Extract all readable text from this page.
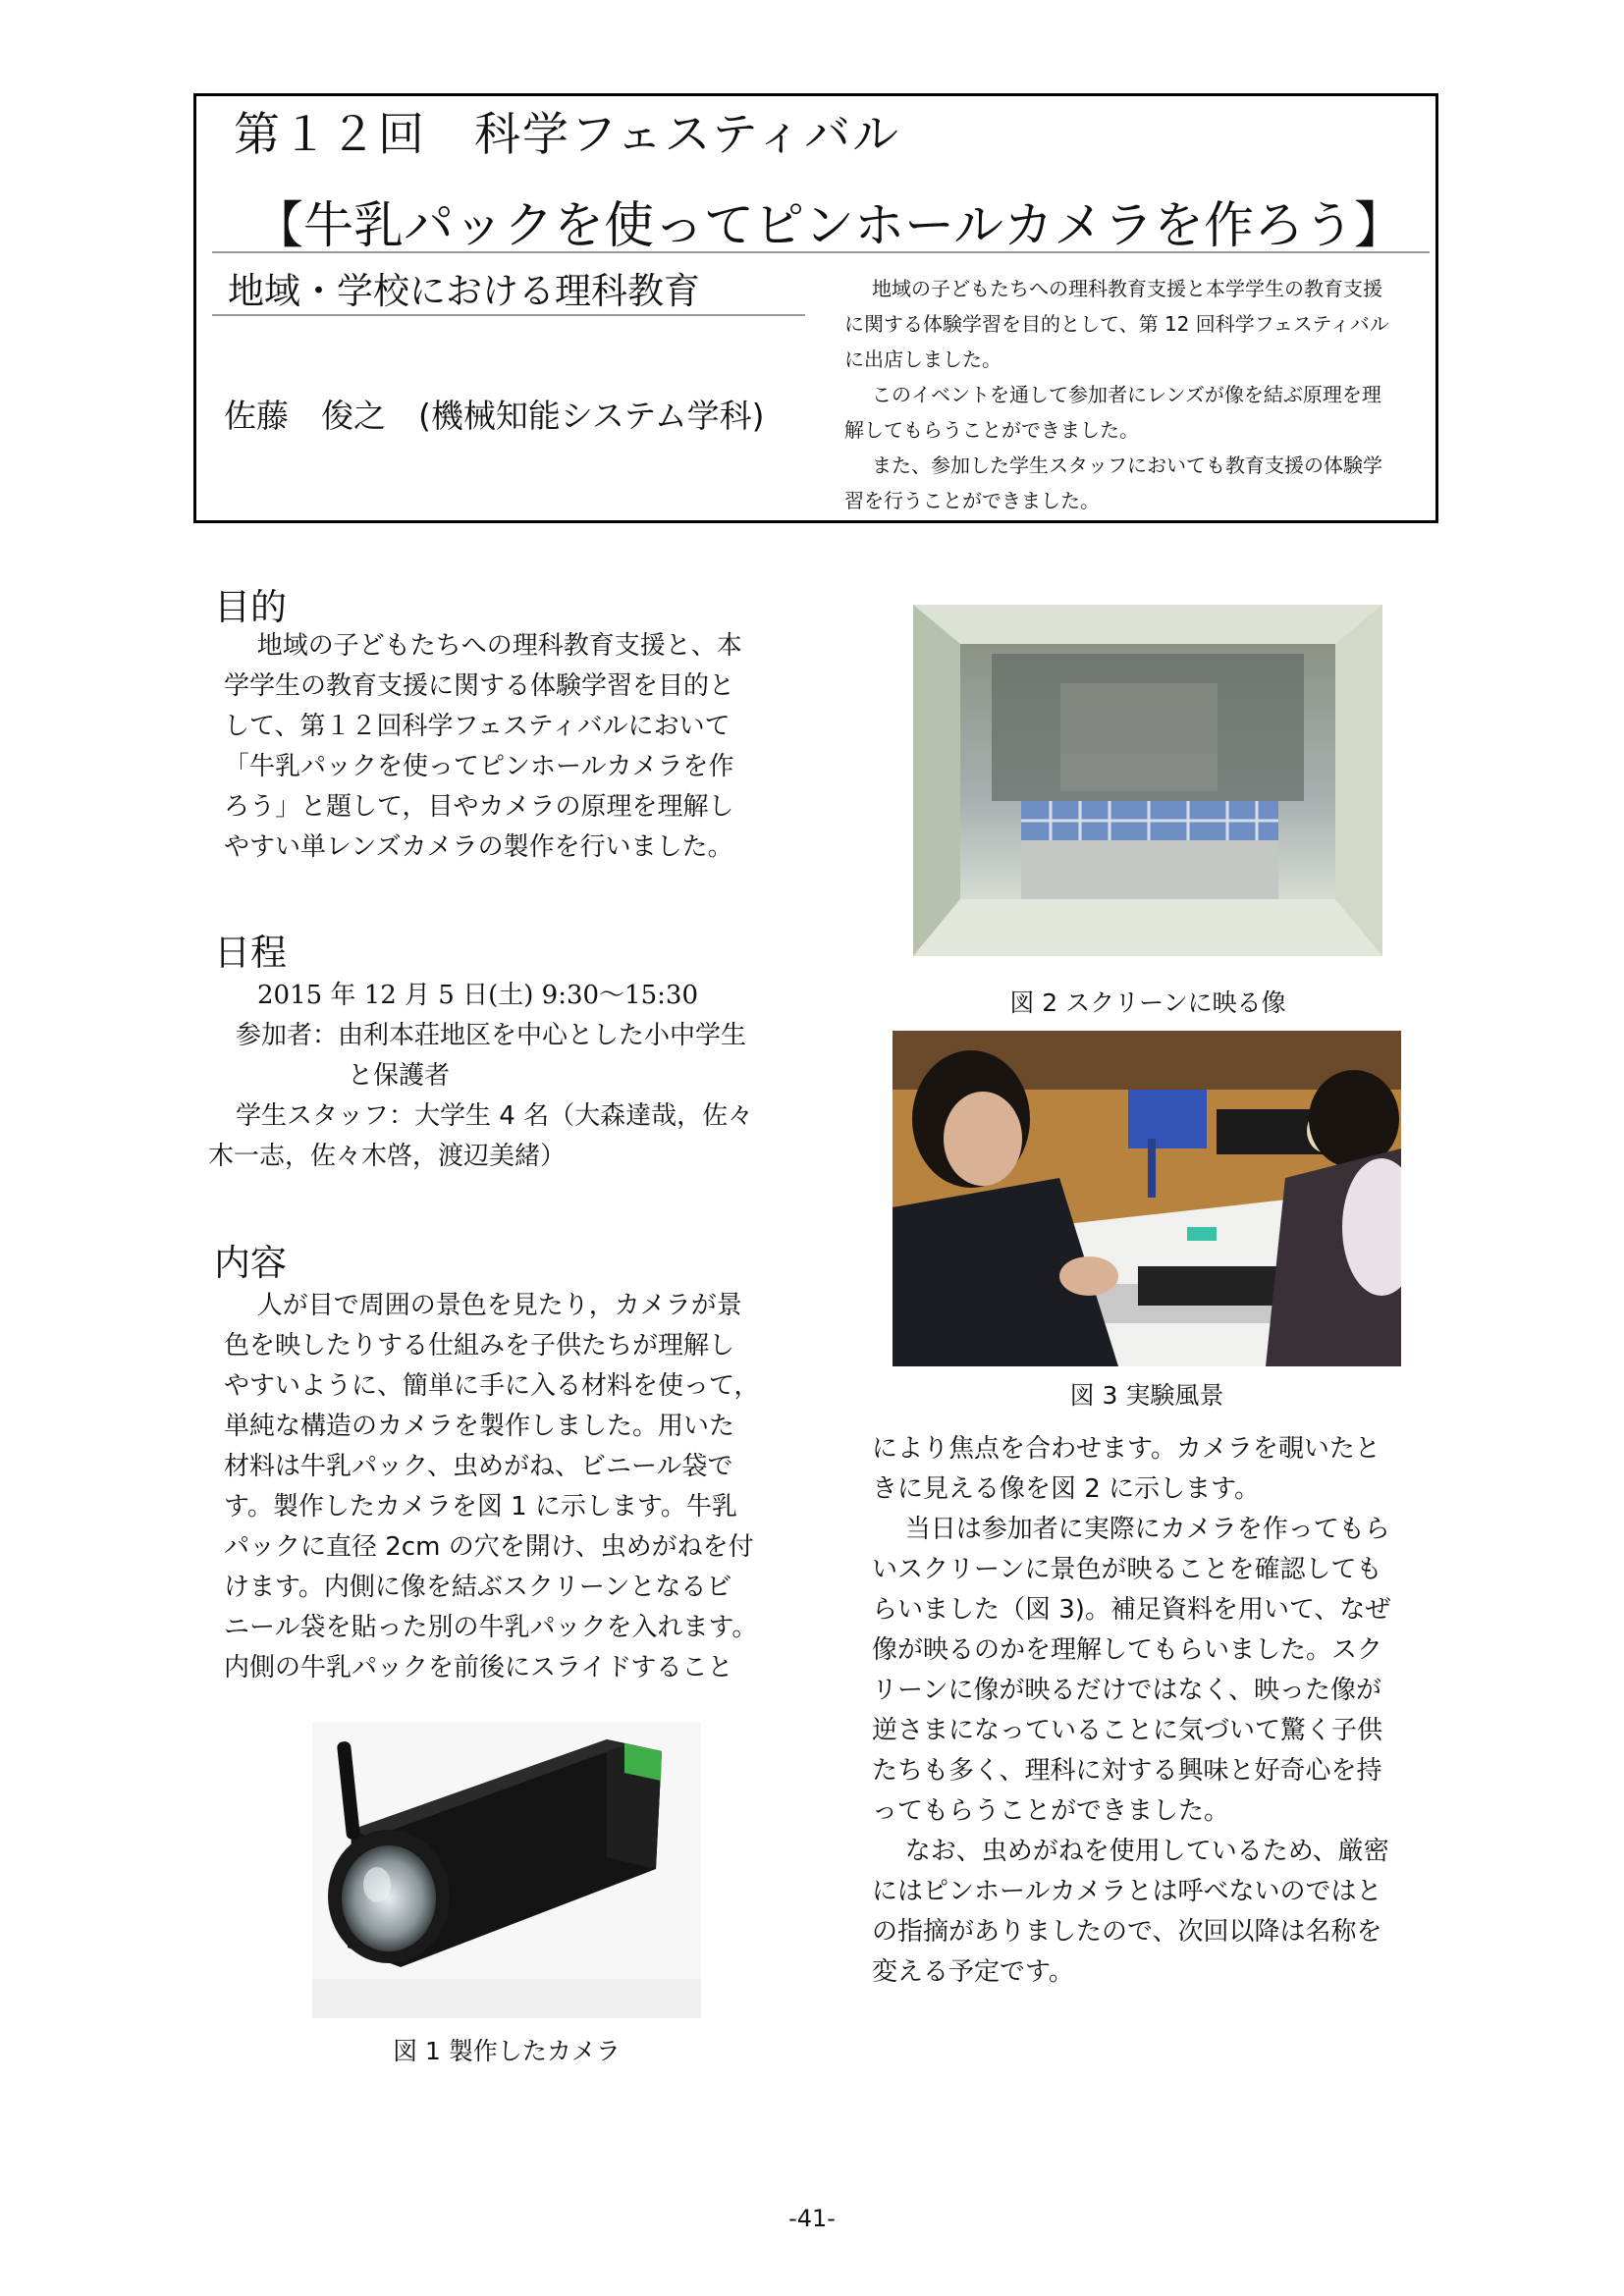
第１２回　科学フェスティバル
【牛乳パックを使ってピンホールカメラを作ろう】
地域・学校における理科教育
佐藤　俊之　(機械知能システム学科)

地域の子どもたちへの理科教育支援と本学学生の教育支援に関する体験学習を目的として、第 12 回科学フェスティバルに出店しました。

このイベントを通して参加者にレンズが像を結ぶ原理を理解してもらうことができました。

また、参加した学生スタッフにおいても教育支援の体験学習を行うことができました。

目的

地域の子どもたちへの理科教育支援と、本

学学生の教育支援に関する体験学習を目的と

して、第１２回科学フェスティバルにおいて

「牛乳パックを使ってピンホールカメラを作

ろう」と題して，目やカメラの原理を理解し

やすい単レンズカメラの製作を行いました。

日程

2015 年 12 月 5 日(土) 9:30～15:30

参加者：由利本荘地区を中心とした小中学生

と保護者

学生スタッフ：大学生 4 名（大森達哉，佐々

木一志，佐々木啓，渡辺美緒）

内容

人が目で周囲の景色を見たり，カメラが景

色を映したりする仕組みを子供たちが理解し

やすいように、簡単に手に入る材料を使って，

単純な構造のカメラを製作しました。用いた

材料は牛乳パック、虫めがね、ビニール袋で

す。製作したカメラを図 1 に示します。牛乳

パックに直径 2cm の穴を開け、虫めがねを付

けます。内側に像を結ぶスクリーンとなるビ

ニール袋を貼った別の牛乳パックを入れます。

内側の牛乳パックを前後にスライドすること

図 1 製作したカメラ
図 2 スクリーンに映る像
図 3 実験風景

により焦点を合わせます。カメラを覗いたと

きに見える像を図 2 に示します。

当日は参加者に実際にカメラを作ってもら

いスクリーンに景色が映ることを確認しても

らいました（図 3)。補足資料を用いて、なぜ

像が映るのかを理解してもらいました。スク

リーンに像が映るだけではなく、映った像が

逆さまになっていることに気づいて驚く子供

たちも多く、理科に対する興味と好奇心を持

ってもらうことができました。

なお、虫めがねを使用しているため、厳密

にはピンホールカメラとは呼べないのではと

の指摘がありましたので、次回以降は名称を

変える予定です。

-41-
